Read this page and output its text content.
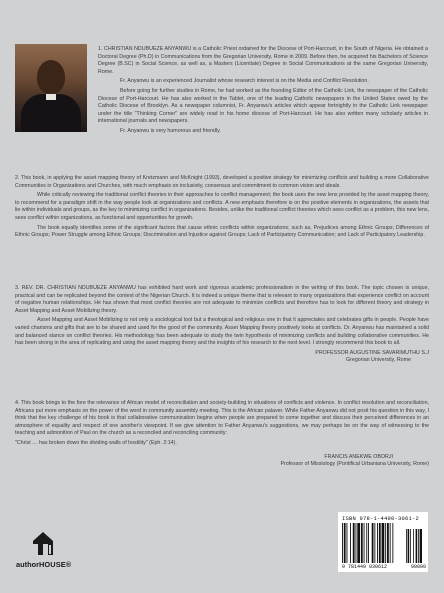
1. CHRISTIAN NDUBUEZE ANYANWU is a Catholic Priest ordained for the Diocese of Port-Harcourt, in the South of Nigeria. He obtained a Doctoral Degree (Ph.D) in Communications from the Gregorian University, Rome in 2009. Before then, he acquired his Bachelors of Science Degree (B.SC) in Social Science, as well as, a Masters (Licentiate) Degree in Social Communications at the same Gregorian University, Rome.

Fr. Anyanwu is an experienced Journalist whose research interest is on the Media and Conflict Resolution.

Before going for further studies in Rome, he had worked as the founding Editor of the Catholic Link, the newspaper of the Catholic Diocese of Port-Harcourt. He has also worked in the Tablet, one of the leading Catholic newspapers in the United States owed by the Catholic Diocese of Brooklyn. As a newspaper columnist, Fr. Anyanwu's articles which appear fortnightly in the Catholic Link newspaper under the title "Thinking Corner" are widely read in his home diocese of Port-Harcourt. He has also written many scholarly articles in international journals and newspapers.

Fr. Anyanwu is very humorous and friendly.

2. This book, in applying the asset mapping theory of Kretzmann and McKnight (1993), developed a positive strategy for minimizing conflicts and building a more Collaborative Communities in Organizations and Churches, with much emphasis on inclusivity, consensus and commitment to common vision and ideals.

While critically reviewing the traditional conflict theories in their approaches to conflict management; the book uses the new lens provided by the asset mapping theory, to recommend for a paradigm shift in the way people look at organizations and conflicts. A new emphasis therefore is on the positive elements in organizations, the assets that lie within individuals and groups, as the key to minimizing conflict in organizations. Besides, unlike the traditional conflict theories which sees conflict as a problem, this new lens, sees conflict within organizations, as functional and opportunities for growth.

The book equally identifies some of the significant factors that cause ethnic conflicts within organizations; such as, Prejudices among Ethnic Groups; Differences of Ethnic Groups; Power Struggle among Ethnic Groups; Discrimination and Injustice against Groups; Lack of Participatory Communication; and Lack of Participatory Leadership.

3. REV. DR. CHRISTIAN NDUBUEZE ANYANWU has exhibited hard work and rigorous academic professionalism in the writing of this book. The topic chosen is unique, practical and can be replicated beyond the context of the Nigerian Church. It is indeed a unique theme that is relevant to many organizations that experience conflict on account of negative human relationships. He has shown that most conflict theories are not adequate to minimize conflicts and therefore has to look for different theory and strategy in Asset Mapping and Asset Mobilizing theory.

Asset Mapping and Asset Mobilizing is not only a sociological tool but a theological and religious one in that it appreciates and celebrates gifts in people. People have varied charisms and gifts that are to be shared and used for the good of the community. Asset Mapping theory positively looks at conflicts. Dr. Anyanwu has maintained a solid and balanced stance on conflict theories. His methodology has been adequate to study the twin hypothesis of minimizing conflicts and building collaborative communities. He has been strong in the area of replicating and using the asset mapping theory and the insights of his research to the next level. I strongly recommend this book to all.

PROFESSOR AUGUSTINE SAVARIMUTHU S.J
Gregorian University, Rome

4. This book brings to the fore the relevance of African model of reconciliation and society-building in situations of conflicts and violence. In conflict resolution and reconciliation, Africans put more emphasis on the power of the word in community assembly meeting. This is the African palaver. While Father Anyanwu did not posit his question in this way, I think that the key challenge of his book is that collaborative communication begins when people are prepared to come together and discuss their perceived differences in an atmosphere of equality and respect of one another's viewpoint. If we give attention to Father Anyanwu's suggestions, we may perhaps be on the way of witnessing to the teaching and admonition of Paul on the church as a reconciled and reconciling community:

"Christ … has broken down the dividing walls of hostility" (Eph. 2:14).

FRANCIS ANEKWE OBORJI
Professor of Missiology (Pontifical Urbaniana University, Rome)
authorHOUSE®
ISBN 978-1-4490-3061-2
9 781449 030612	90000
